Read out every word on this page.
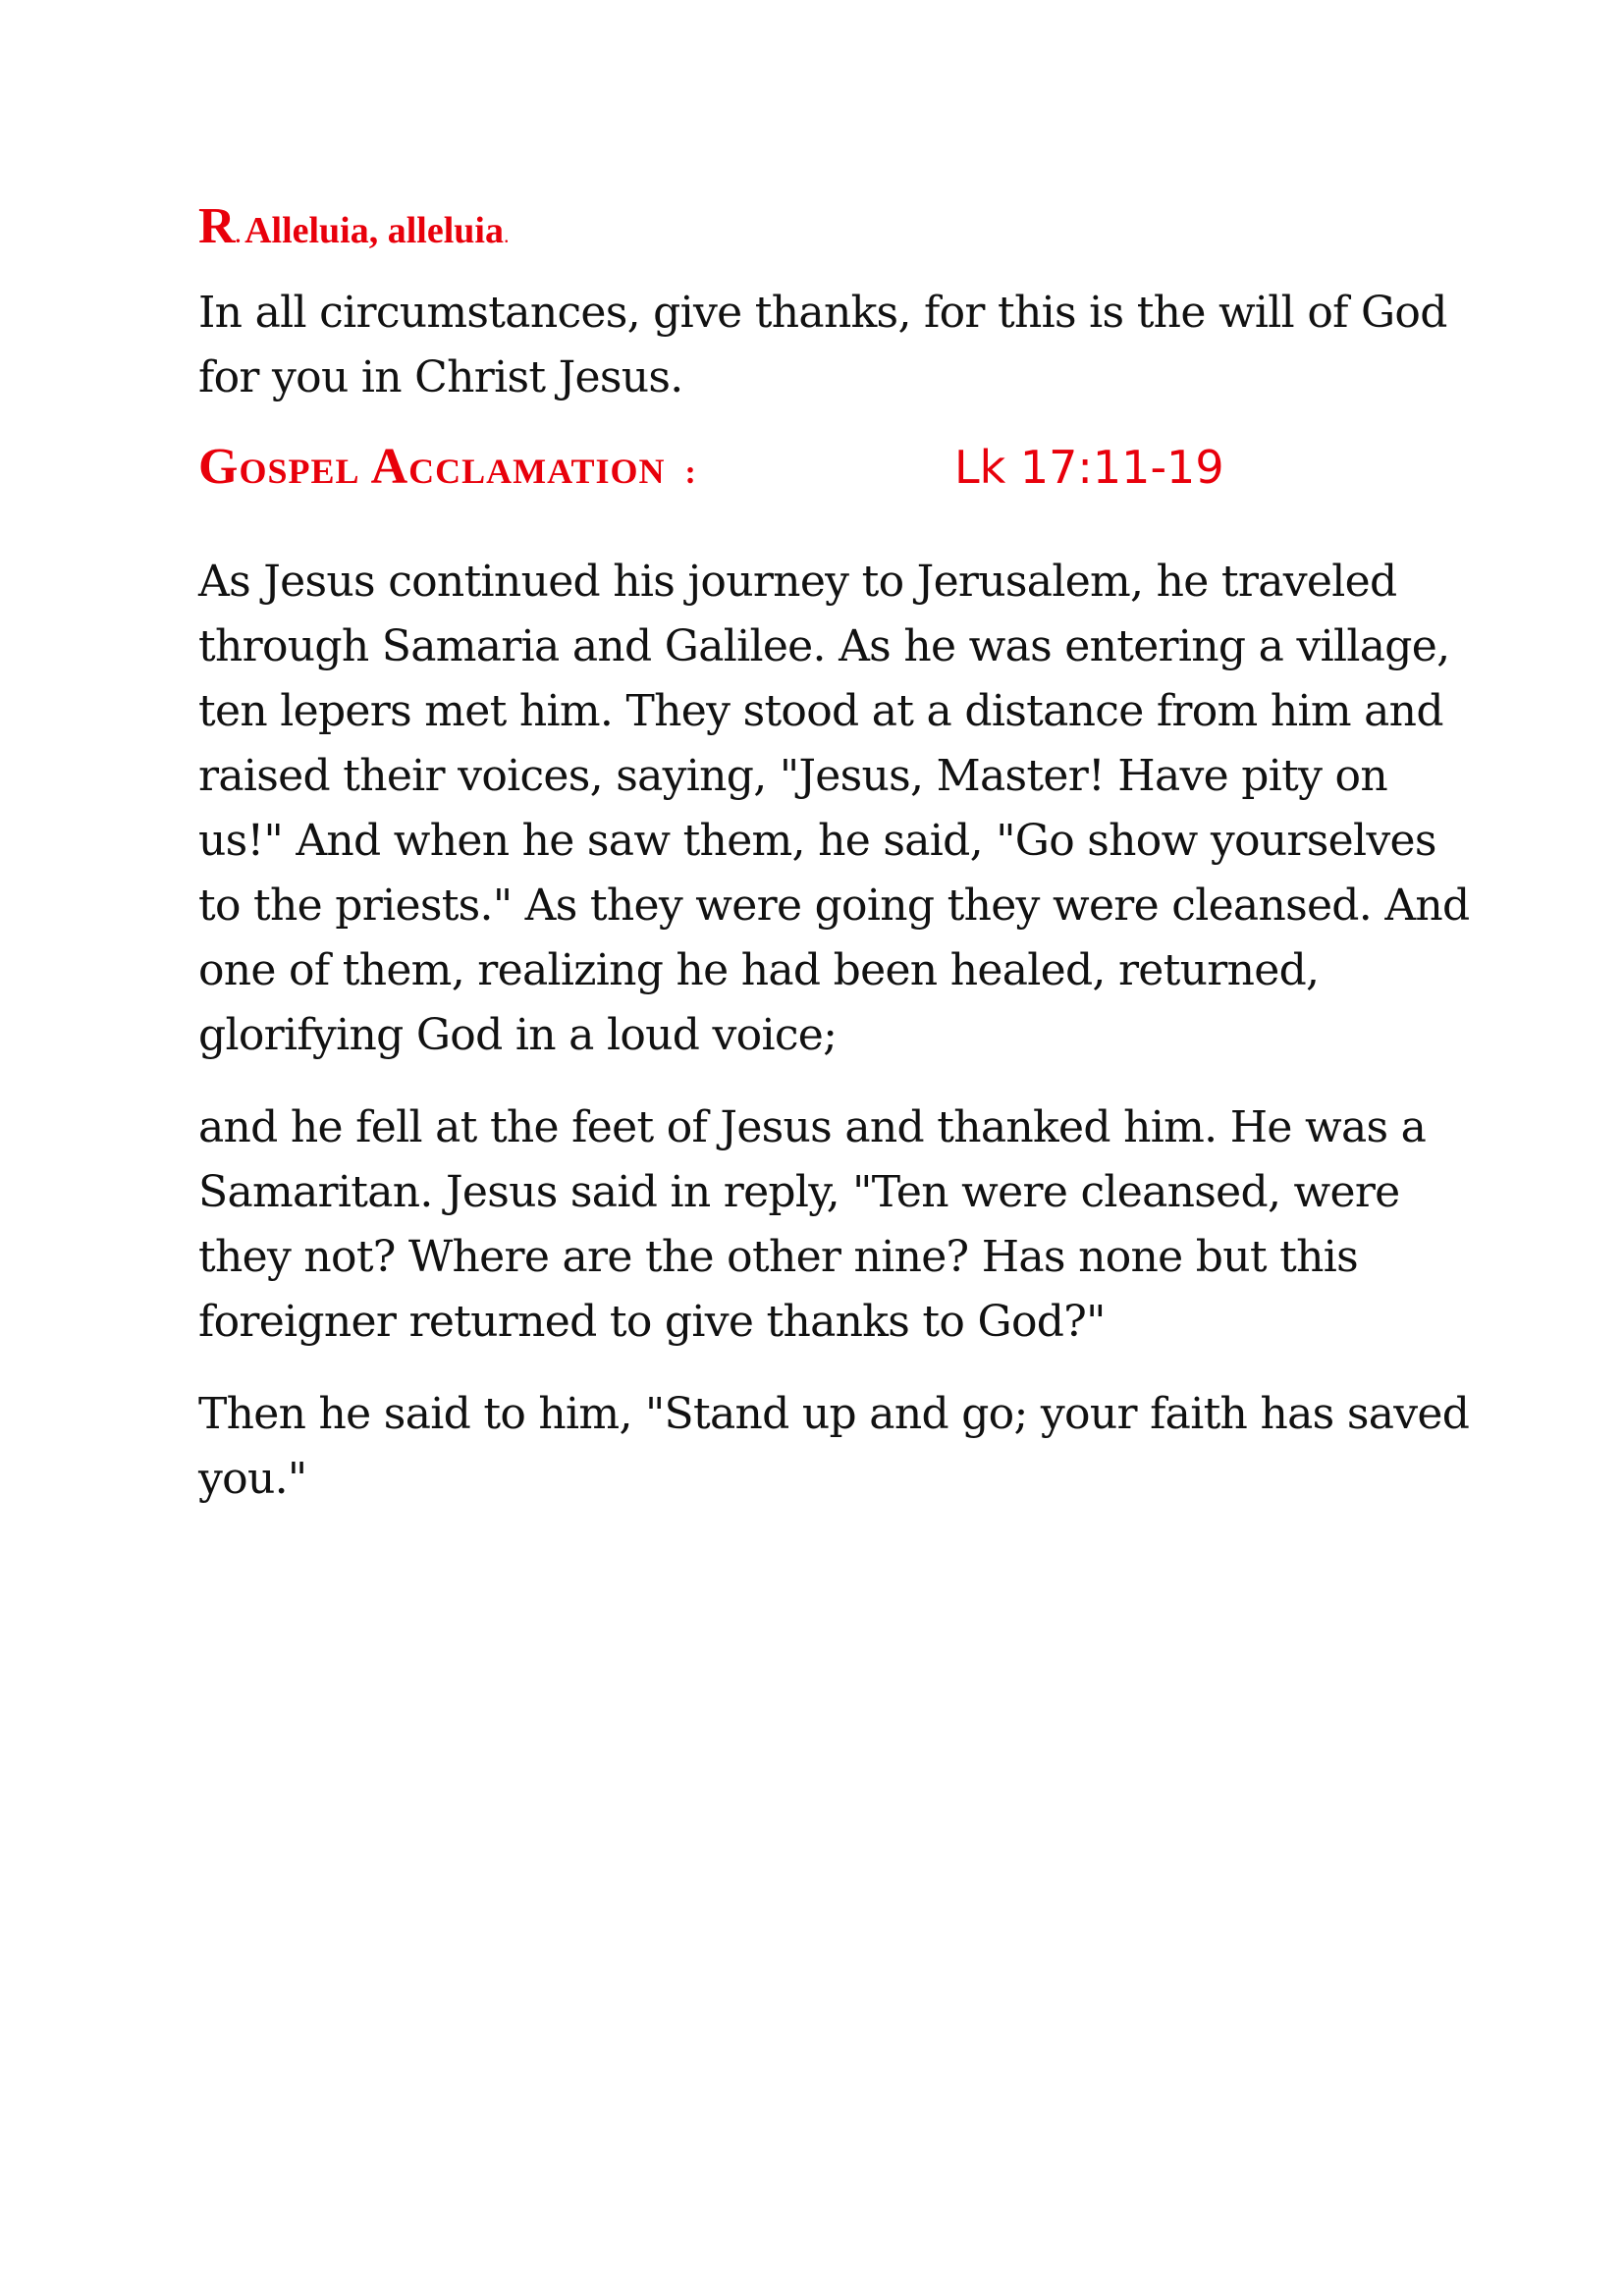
R. Alleluia, alleluia.

In all circumstances, give thanks, for this is the will of God for you in Christ Jesus.

Gospel Acclamation :	Lk 17:11-19

As Jesus continued his journey to Jerusalem, he traveled through Samaria and Galilee. As he was entering a village, ten lepers met him. They stood at a distance from him and raised their voices, saying, "Jesus, Master! Have pity on us!" And when he saw them, he said, "Go show yourselves to the priests." As they were going they were cleansed. And one of them, realizing he had been healed, returned, glorifying God in a loud voice;

and he fell at the feet of Jesus and thanked him. He was a Samaritan. Jesus said in reply, "Ten were cleansed, were they not? Where are the other nine? Has none but this foreigner returned to give thanks to God?"

Then he said to him, "Stand up and go; your faith has saved you."
